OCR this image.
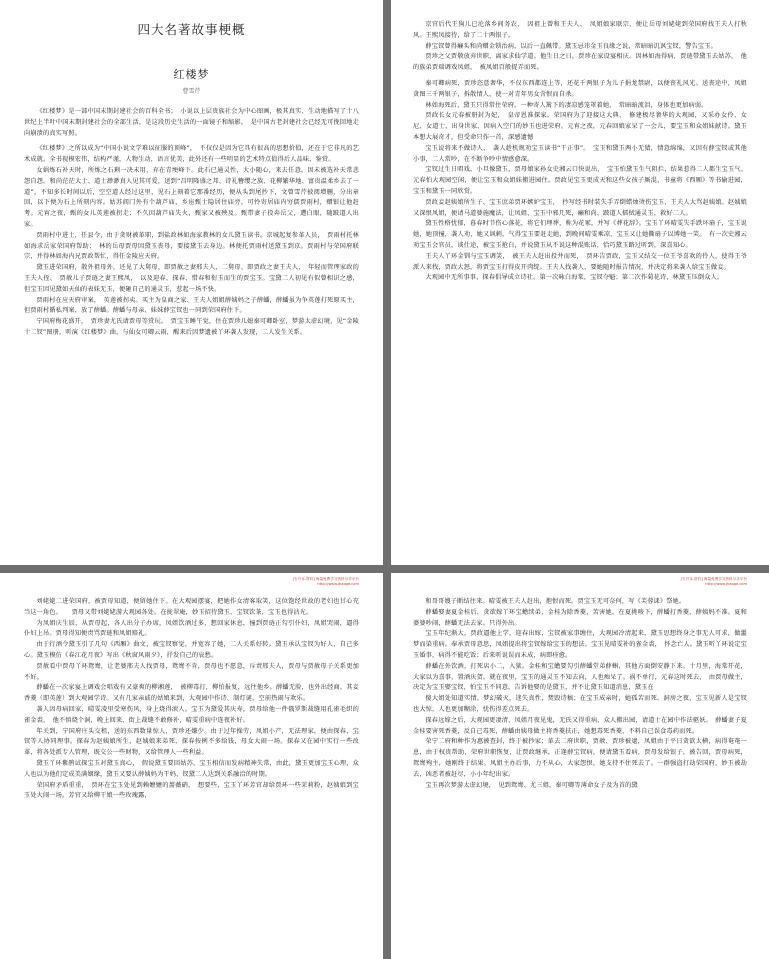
四大名著故事梗概
红楼梦
曹雪芹

《红楼梦》是一部中国末期封建社会的百科全书；　小说以上层贵族社会为中心图画，极其真实、生动地描写了十八世纪上半叶中国末期封建社会的全部生活，是这段历史生活的一面镜子和缩影，　是中国古老封建社会已经无可挽回地走向崩溃的真实写照。

《红楼梦》之所以成为“中国小说文学难以征服的顶峰”，　不仅仅是因为它具有很高的思想价值，还在于它非凡的艺术成就。全书视模宏伟，结构严谨，人物生动，语言优美，此外还有一些明显的艺术特点值得后人品味、鉴赏。

女娲炼石补天时，所炼之石剩一决未用，弃在青埂峰下。此石已通灵性，大小随心，来去任意，因未被选补天常悲怨自怨。和尚茫茫大士、道士渺渺真人见其可爱，送到“昌明隆盛之邦、诗礼簪缨之族、花柳繁华地、富贵温柔乡去了一道”，不知多长时间以后，空空道人经过这里，见石上刻着它那番经历，便从头到尾抄下，文曾雪芹披阅增删，分出章回，以下便为石上所刻内容。姑苏阊门外有个葫芦庙，乡宦甄士隐居住庙旁，可怜寄居庙内穷儒贾雨村，赠银让他赶考。元宵之夜，甄的女儿英莲被拐走；不久因葫芦庙失火，甄家又被殃及。甄带妻子投奔岳父，遭白眼，随跛道人出家。

贾雨村中进士，任县令，由于贪财被革职，到盐政林如海家教林的女儿黛玉读书。京城起复参革人员，　贾雨村托林如海求岳家荣国府帮助；　林的岳母贾母因黛玉丧母，要接黛玉去身边。林便托贾雨村送黛玉到京。贾雨村与荣国府联宗，并得林如海内兄贾政帮忙，得任金陵应天府。

黛玉进荣国府，散外祖母外，还见了大舅母、即贾赦之妻邢夫人，二舅母、即贾政之妻王夫人，　年轻而管理家政的王夫人侄、　贾赦儿子贾琏之妻王熙凤，　以及迎春、探春、惜春和衔玉而生的贾宝玉。宝黛二人初见有似曾相识之感，但宝玉因见黛如天仙的表妹无玉，便砸自己的通灵玉，惹起一场不快。

贾雨村在应天府审案，　英莲被拐卖。买主为皇商之家、王夫人姐姐薛姨妈之子薛蟠，薛蟠虽为争英莲打死原买主，但贾雨村循私判案，放了薛蟠。薛蟠与母亲、妹妹薛宝钗也一同到荣国府住下。

宁国府梅花盛开，　贾珍妻尤氏请贾母等赏玩。　贾宝玉睡午觉，住在贾珍儿媳秦可卿卧室，梦游太虚幻境，见“金陵十二钗”图册，听演《红楼梦》曲，与仙女可卿云雨，醒来后因梦遗被丫环袭人发现，二人发生关系。

京官后代王狗儿已沦落乡间务农，　因祖上曾和王夫人、　凤姐娘家联宗，便让岳母刘姥姥到荣国府找王夫人打秋风。王熙凤接待，给了二十两银子。

薛宝钗曾得癞头和尚赠金锁治病，以后一直佩带。黛玉忌讳金玉良缘之说，常暗暗讥讽宝钗，警告宝玉。

贾珍之父贾敬放弃世职，离家求仙学道。他生日之日，贾珍在家设宴相庆。因林如海得病，贾琏带黛玉去姑苏，　他的族弟贾瑞调戏凤姐，　被凤姐百般捉弄而死。

秦可卿病死，贾珍恣意奢华，不仅东西都连上等，还花千两银子为儿子捐龙禁尉，以便丧礼风光。送丧途中，凤姐贪图三千两银子，拆散情人，使一对青年男女含恨而自杀。

林如海死后，黛玉只得常住荣府。一种寄人篱下的凄凉感笼罩着她，　常暗暗流泪，身体也更加病弱。

贾政长女元春被册封为妃，　皇帝恩准探家。荣国府为了迎接这大典，　修建极尽奢华的大观园，又采办女伶、女尼、女道士，出身世家、因病入空门的妙玉也进荣府。元宵之夜，元春回娘家呆了一会儿，要宝玉和众姐妹献诗。黛玉本想大展奇才，但受命只作一首，深感遗憾

宝玉说将来不做诗人，　袭人趁机规劝宝玉读书“干正事”。　宝玉和黛玉两小无猜，情意绵绵，又因有薛宝钗或其他小事，二人常吵，在不断争吵中情感愈深。

宝钗过生日唱戏，小旦像黛玉，贾母娘家孙女史湘云口快说出，　宝玉怕黛玉生气阻拦，结果惹得二人都生宝玉气。元春怕大观园空闲，便让宝玉和众姐妹搬进园住。贾政见宝玉更成天和这些女孩子厮混，书童将《西厢》等书偷进园，宝玉和黛玉一同欣赏。

贾政妾赵姨娘所生子、宝玉庶弟贾环嫉妒宝玉，　抄写经书时装失手弄倒蜡烛烫伤宝玉，王夫人大骂赵姨娘。赵姨娘又深恨凤姐，便请马道婆施魔法，让凤姐、宝玉中邪几死，癞和尚、跛道人擂拭通灵玉，救好二人。

黛玉性格忧郁，暮春时节伤心落花，将它们埋葬，称为花冢，并写《葬花辞》。宝玉丫环晴雯失手跌坏扇子，宝玉说她，她顶撞，袭人劝，她又讽刺，气得宝玉要赶走她，到晚间晴雯乘凉，宝玉又让她撕扇子以博她一笑。　有一次史湘云劝宝玉会官员，谈仕途，被宝玉抢白，并说黛玉从不说这种混账话，恰巧黛玉路过听到，深喜知心。

王夫人丫环金钏与宝玉调笑，　被王夫人赶出投井而死，　贾环告贾政，宝玉又结交一位王爷喜欢的伶人，使得王爷派人来找，贾政大怒，将贾宝玉打得皮开肉绽。王夫人找袭人，要她随时报告情况，并决定将来袭人给宝玉做妾。

大观园中无所事事，探春倡导成立诗社。第一次咏白海棠，宝钗夺魁；第二次作菊花诗，林黛玉压倒众人。

[专升本-资料] 海量免费学习资料分享平台
http://www.jhaoge.com

刘姥姥二进荣国府，被贾母知道，便留她住下。在大观园摆宴，把她作女清客取笑，这位饱经世故的老妇也甘心充当这一角色。　　贾母又带刘姥姥游大观园各处。在拢翠庵，妙玉招待黛玉、宝钗饮茶，宝玉也得沾光。

为凤姐庆生辰，从贾母起，各人出分子办席，凤姐饮酒过多，想回家休息，撞到贾琏正勾引仆妇，凤姐哭闹，逼得仆妇上吊。贾母得知便责骂贾琏和凤姐赔礼。

由于行酒令黛玉引了几句《西厢》曲文，被宝钗察觉，并宽容了她，二人关系好转。黛玉承认宝钗为好人，自己多心。黛玉模仿《春江花月夜》写出《秋窗风雨夕》，抒发自己的哀愁。

贾赦看中贾母丫环鸳鸯，让老婆邢夫人找贾母，鸳鸯不肯，贾母也不愿意，斥责邢夫人，贾母与贾赦母子关系更加不好。

薛蟠在一次家宴上调戏会唱戏有又豪爽的柳湘莲，　被柳毒打，柳怕报复，远往他乡。薛蟠无脸，也外出经商。其妾香菱（即英莲）到大观园学诗。又有几家亲戚的姑娘来到，大观园中作诗、制灯谜，空前热闹与欢乐。

袭人因母病回家，晴雯凌里受寒伤风，身上烧得滚人。宝玉为黛爱其庆寿，贾母给他一件俄罗斯裁缝用孔雀毛织的雀金裘，　他不慎烧个洞，晚上回来、街上裁缝不敢修补，晴雯重病中连夜补好。

年关到，宁国府庄头交租，送的东西数量惊人，贾珍还嫌少。由于过年操劳，凤姐小产，无法理家，便由探春、宝钗等人协同理事。探春为赵姨娘所生，赵姨娘来弟死，探春按例不多给钱，母女大闹一场。探春又在园中实行一些改革，将各处派专人管理，既交公一些财物，又给管理人一些利益。

黛玉丫环紫鹃试探宝玉对黛玉真心，　假说黛玉要回姑苏，宝玉相信而发病精神失常，由此，黛玉更加宝玉心理，众人也以为他们定成美满姻缘，黛玉又要认薛姨妈为干妈，钗黛二人达到关系融洽的时期。

荣国府矛盾重重，　贾环在宝玉处见到赖嬷嬷的蔷薇硝，　想要些，宝玉丫环芳官却给贾环一些茉莉粉，赵姨娘到宝玉处大闹一场。芳官又给柳干娘一些玫瑰露，

[专升本-资料] 海量免费学习资料分享平台
http://www.jhaoge.com

和哥哥嫂子断结往来。晴雯被王夫人赶出，抱恨而死。贾宝玉无可奈何，写《芙蓉诔》祭她。

薛蟠娶妻夏金桂后，贪欲嫁丫环宝蟾续弟，金桂为除香菱，苦害她。在夏挑唆下，薛蟠打香菱，薛姨妈不准。夏和婆婆吵闹，薛蟠无法去家。只得外出。

宝玉年纪渐大，贾政逼他上学，迎春出嫁，宝钗被家事缠住，大观园冷清起来，黛玉思想终身之事无人可求，做噩梦而染重病。奉承贾母意思，凤姐提出将宝钗嫁给宝玉的想法。宝玉见晴雯补的雀金裘，　怀念亡人。黛玉听丫环说定宝玉婚事，病得不能吃饭；后来听说误而未成，病即痊愈。

薛蟠在外饮酒，打死店小二，入狱。金桂和宝蟾要勾引薛蟠堂弟薛蝌，其他方面倒安静下来。十月里，海棠开花，大家以为喜事，置酒庆贺。就在夜里，宝玉的通灵玉不知去向，人也痴呆了。祸不单行，元春这时死去，　由贾母做主，决定为宝玉娶宝钗，怕宝玉不同意，告诉他娶的是黛玉，并不让黛玉知道消息，黛玉在

傻大姐处知道实情，梦幻破灭，迷失真性，焚毁诗稿；在宝玉成亲时，她孤苦而死。洞房之夜，宝玉见新人是宝钗也大惊，人也更加糊涂，忧伤得差点死去。

探春远嫁之后，大观园更凄清，凤姐月夜见鬼，无氏又得重病，众人搬出园，请道士在园中作法驱妖。　薛蟠妻子夏金桂要害死香菱，反自己毒死，薛蟠由姨母做主将香菱扶正，她想毒死香菱，不料自己误食毒药而死。

荣宁二府和种作为惠被查封，终于被抄家；革去二府世职，贾赦、贾珍被逮，凤姐由于平日贪欲太横，病得奄奄一息，由于权贵帮助，荣府世职恢复，让贾政继承，正逢薛宝钗病，便请黛玉看病，贾母发给银子，被告回，贾母病死，鸳鸯殉主，她刚终于结果。凤姐主办后事，力不从心，大家怨恨，她支持不住死去了。一群强盗打劫荣国府，妙玉被劫去，凶恶者被赶尽，小小年纪出家。

宝玉再次梦游太虚幻境，　见到鸳鸯、尤三姐，秦可卿等薄命女子及为首的黛
